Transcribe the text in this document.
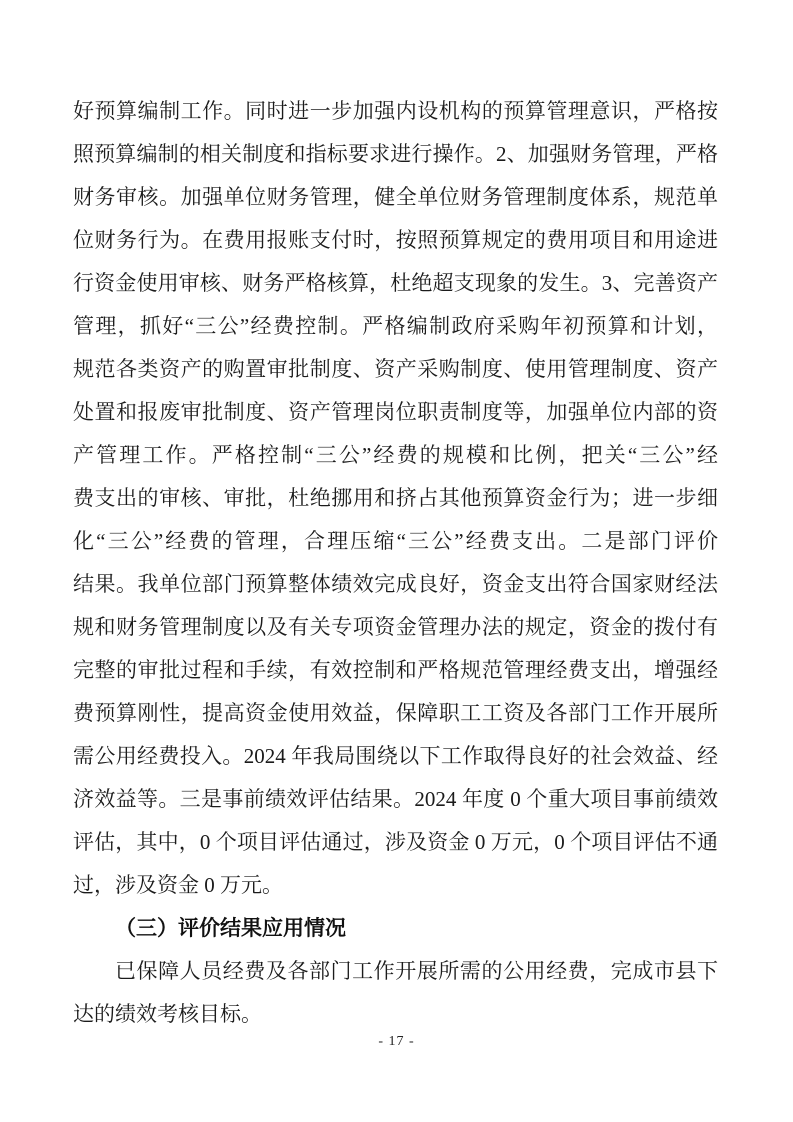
好预算编制工作。同时进一步加强内设机构的预算管理意识，严格按
照预算编制的相关制度和指标要求进行操作。2、加强财务管理，严格
财务审核。加强单位财务管理，健全单位财务管理制度体系，规范单
位财务行为。在费用报账支付时，按照预算规定的费用项目和用途进
行资金使用审核、财务严格核算，杜绝超支现象的发生。3、完善资产
管理，抓好“三公”经费控制。严格编制政府采购年初预算和计划，
规范各类资产的购置审批制度、资产采购制度、使用管理制度、资产
处置和报废审批制度、资产管理岗位职责制度等，加强单位内部的资
产管理工作。严格控制“三公”经费的规模和比例，把关“三公”经
费支出的审核、审批，杜绝挪用和挤占其他预算资金行为；进一步细
化“三公”经费的管理，合理压缩“三公”经费支出。二是部门评价
结果。我单位部门预算整体绩效完成良好，资金支出符合国家财经法
规和财务管理制度以及有关专项资金管理办法的规定，资金的拨付有
完整的审批过程和手续，有效控制和严格规范管理经费支出，增强经
费预算刚性，提高资金使用效益，保障职工工资及各部门工作开展所
需公用经费投入。2024 年我局围绕以下工作取得良好的社会效益、经
济效益等。三是事前绩效评估结果。2024 年度 0 个重大项目事前绩效
评估，其中，0 个项目评估通过，涉及资金 0 万元，0 个项目评估不通
过，涉及资金 0 万元。
（三）评价结果应用情况
已保障人员经费及各部门工作开展所需的公用经费，完成市县下
达的绩效考核目标。
- 17 -
